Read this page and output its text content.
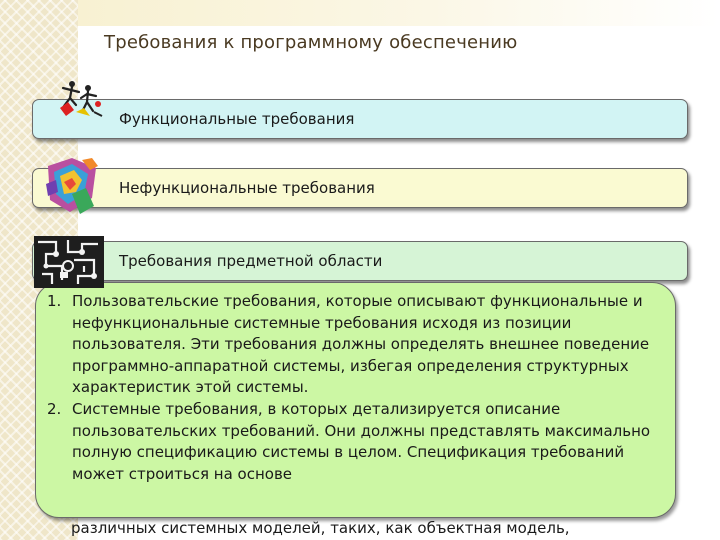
Требования к программному обеспечению
Функциональные требования
Нефункциональные требования
Требования предметной области
1. Пользовательские требования, которые описывают функциональные и нефункциональные системные требования исходя из позиции пользователя. Эти требования должны определять внешнее поведение программно-аппаратной системы, избегая определения структурных характеристик этой системы.
2. Системные требования, в которых детализируется описание пользовательских требований. Они должны представлять максимально полную спецификацию системы в целом. Спецификация требований может строиться на основе
различных системных моделей, таких, как объектная модель,
